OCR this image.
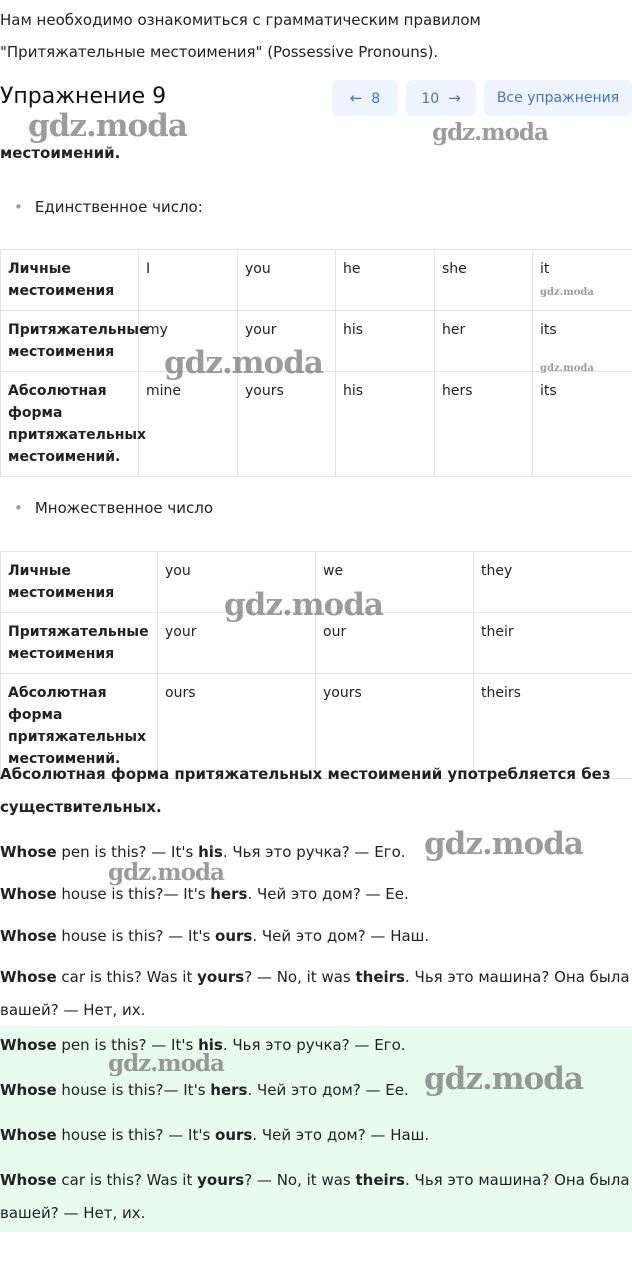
Нам необходимо ознакомиться с грамматическим правилом
"Притяжательные местоимения" (Possessive Pronouns).
Упражнение 9	← 8	10 →	Все упражнения
местоимений.
• Единственное число:
Личные местоимения	I	you	he	she	it
Притяжательные местоимения	my	your	his	her	its
Абсолютная форма притяжательных местоимений.	mine	yours	his	hers	its
• Множественное число
Личные местоимения	you	we	they
Притяжательные местоимения	your	our	their
Абсолютная форма притяжательных местоимений.	ours	yours	theirs
Абсолютная форма притяжательных местоимений употребляется без существительных.
Whose pen is this? — It's his. Чья это ручка? — Его.
Whose house is this?— It's hers. Чей это дом? — Ее.
Whose house is this? — It's ours. Чей это дом? — Наш.
Whose car is this? Was it yours? — No, it was theirs. Чья это машина? Она была вашей? — Нет, их.
Whose pen is this? — It's his. Чья это ручка? — Его.
Whose house is this?— It's hers. Чей это дом? — Ее.
Whose house is this? — It's ours. Чей это дом? — Наш.
Whose car is this? Was it yours? — No, it was theirs. Чья это машина? Она была вашей? — Нет, их.
gdz.moda	gdz.moda
gdz.moda
gdz.moda	gdz.moda
gdz.moda
gdz.moda
gdz.moda
gdz.moda	gdz.moda
